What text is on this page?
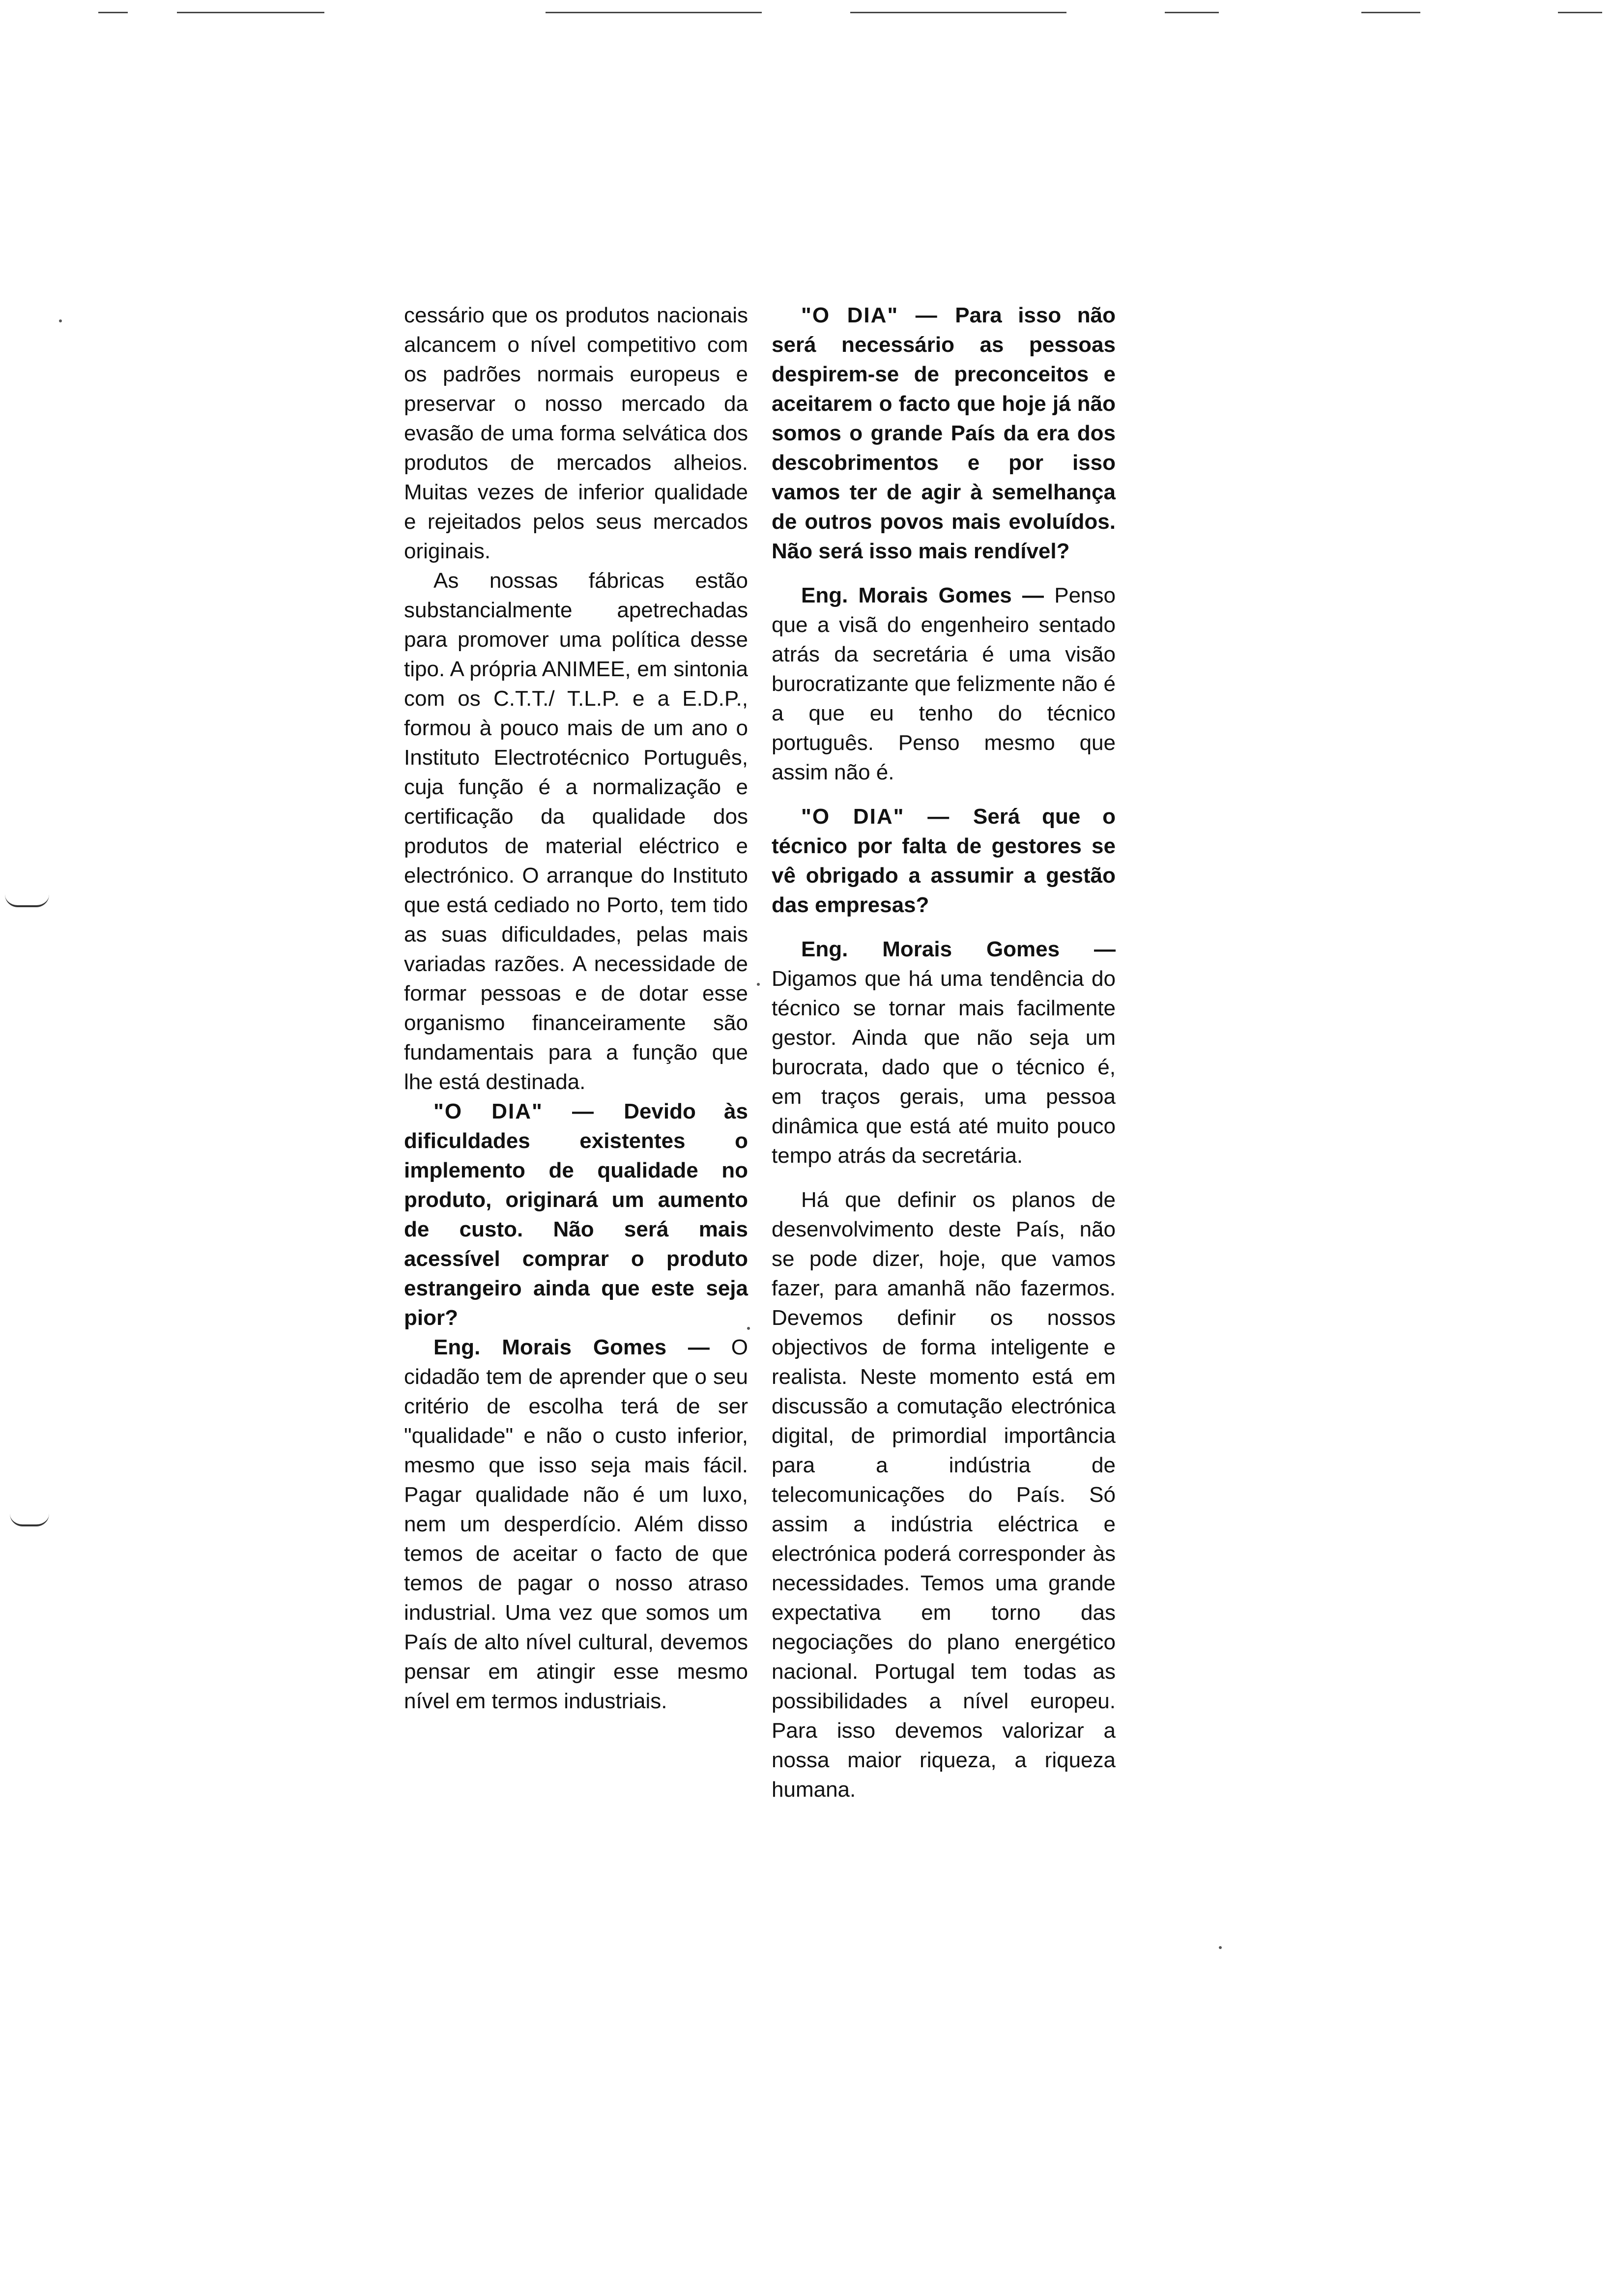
cessário que os produtos nacionais alcancem o nível competitivo com os padrões normais europeus e preservar o nosso mercado da evasão de uma forma selvática dos produtos de mercados alheios. Muitas vezes de inferior qualidade e rejeitados pelos seus mercados originais.

As nossas fábricas estão substancialmente apetrechadas para promover uma política desse tipo. A própria ANIMEE, em sintonia com os C.T.T./ T.L.P. e a E.D.P., formou à pouco mais de um ano o Instituto Electrotécnico Português, cuja função é a normalização e certificação da qualidade dos produtos de material eléctrico e electrónico. O arranque do Instituto que está cediado no Porto, tem tido as suas dificuldades, pelas mais variadas razões. A necessidade de formar pessoas e de dotar esse organismo financeiramente são fundamentais para a função que lhe está destinada.

"O DIA" — Devido às dificuldades existentes o implemento de qualidade no produto, originará um aumento de custo. Não será mais acessível comprar o produto estrangeiro ainda que este seja pior?

Eng. Morais Gomes — O cidadão tem de aprender que o seu critério de escolha terá de ser "qualidade" e não o custo inferior, mesmo que isso seja mais fácil. Pagar qualidade não é um luxo, nem um desperdício. Além disso temos de aceitar o facto de que temos de pagar o nosso atraso industrial. Uma vez que somos um País de alto nível cultural, devemos pensar em atingir esse mesmo nível em termos industriais.

"O DIA" — Para isso não será necessário as pessoas despirem-se de preconceitos e aceitarem o facto que hoje já não somos o grande País da era dos descobrimentos e por isso vamos ter de agir à semelhança de outros povos mais evoluídos. Não será isso mais rendível?

Eng. Morais Gomes — Penso que a visã do engenheiro sentado atrás da secretária é uma visão burocratizante que felizmente não é a que eu tenho do técnico português. Penso mesmo que assim não é.

"O DIA" — Será que o técnico por falta de gestores se vê obrigado a assumir a gestão das empresas?

Eng. Morais Gomes — Digamos que há uma tendência do técnico se tornar mais facilmente gestor. Ainda que não seja um burocrata, dado que o técnico é, em traços gerais, uma pessoa dinâmica que está até muito pouco tempo atrás da secretária.

Há que definir os planos de desenvolvimento deste País, não se pode dizer, hoje, que vamos fazer, para amanhã não fazermos. Devemos definir os nossos objectivos de forma inteligente e realista. Neste momento está em discussão a comutação electrónica digital, de primordial importância para a indústria de telecomunicações do País. Só assim a indústria eléctrica e electrónica poderá corresponder às necessidades. Temos uma grande expectativa em torno das negociações do plano energético nacional. Portugal tem todas as possibilidades a nível europeu. Para isso devemos valorizar a nossa maior riqueza, a riqueza humana.
